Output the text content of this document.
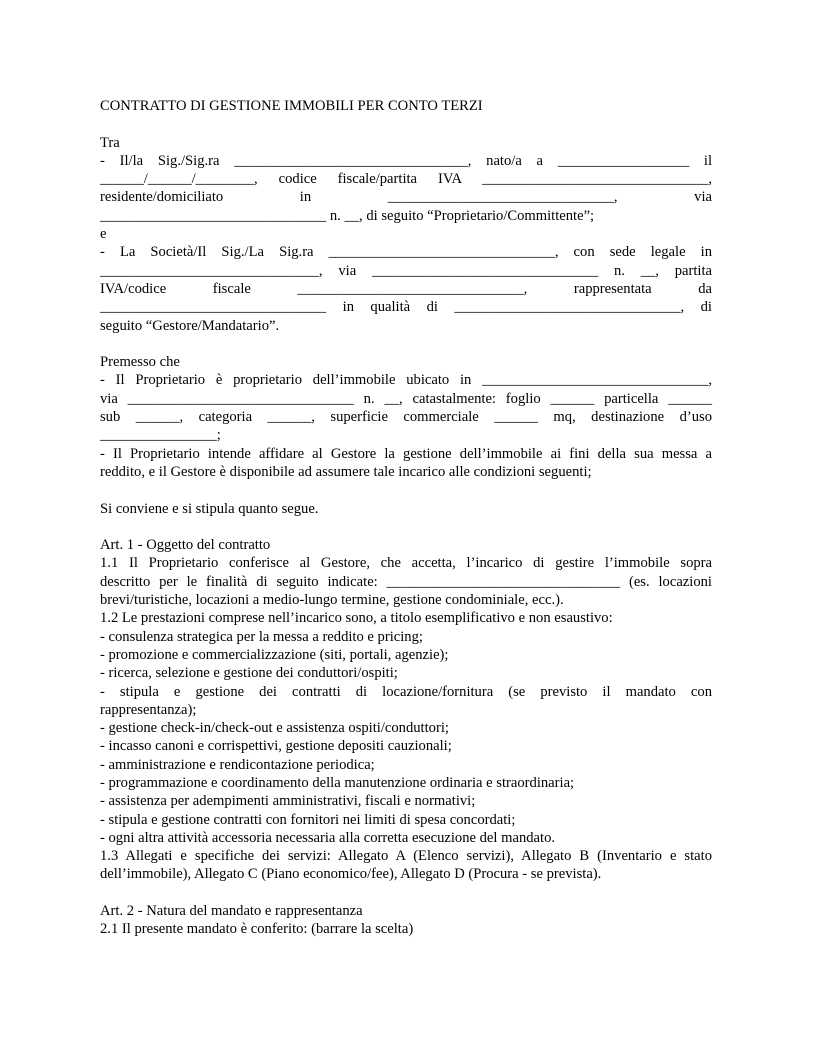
CONTRATTO DI GESTIONE IMMOBILI PER CONTO TERZI
Tra
- Il/la Sig./Sig.ra ________________________________, nato/a a __________________ il
______/______/________, codice fiscale/partita IVA _______________________________,
residente/domiciliato in _______________________________, via
_______________________________ n. __, di seguito “Proprietario/Committente”;
e
- La Società/Il Sig./La Sig.ra _______________________________, con sede legale in
______________________________, via _______________________________ n. __, partita
IVA/codice fiscale _______________________________, rappresentata da
_______________________________ in qualità di _______________________________, di
seguito “Gestore/Mandatario”.
Premesso che
- Il Proprietario è proprietario dell’immobile ubicato in _______________________________,
via _______________________________ n. __, catastalmente: foglio ______ particella ______
sub ______, categoria ______, superficie commerciale ______ mq, destinazione d’uso
________________;
- Il Proprietario intende affidare al Gestore la gestione dell’immobile ai fini della sua messa a
reddito, e il Gestore è disponibile ad assumere tale incarico alle condizioni seguenti;
Si conviene e si stipula quanto segue.
Art. 1 - Oggetto del contratto
1.1 Il Proprietario conferisce al Gestore, che accetta, l’incarico di gestire l’immobile sopra
descritto per le finalità di seguito indicate: ________________________________ (es. locazioni
brevi/turistiche, locazioni a medio-lungo termine, gestione condominiale, ecc.).
1.2 Le prestazioni comprese nell’incarico sono, a titolo esemplificativo e non esaustivo:
- consulenza strategica per la messa a reddito e pricing;
- promozione e commercializzazione (siti, portali, agenzie);
- ricerca, selezione e gestione dei conduttori/ospiti;
- stipula e gestione dei contratti di locazione/fornitura (se previsto il mandato con
rappresentanza);
- gestione check-in/check-out e assistenza ospiti/conduttori;
- incasso canoni e corrispettivi, gestione depositi cauzionali;
- amministrazione e rendicontazione periodica;
- programmazione e coordinamento della manutenzione ordinaria e straordinaria;
- assistenza per adempimenti amministrativi, fiscali e normativi;
- stipula e gestione contratti con fornitori nei limiti di spesa concordati;
- ogni altra attività accessoria necessaria alla corretta esecuzione del mandato.
1.3 Allegati e specifiche dei servizi: Allegato A (Elenco servizi), Allegato B (Inventario e stato
dell’immobile), Allegato C (Piano economico/fee), Allegato D (Procura - se prevista).
Art. 2 - Natura del mandato e rappresentanza
2.1 Il presente mandato è conferito: (barrare la scelta)
